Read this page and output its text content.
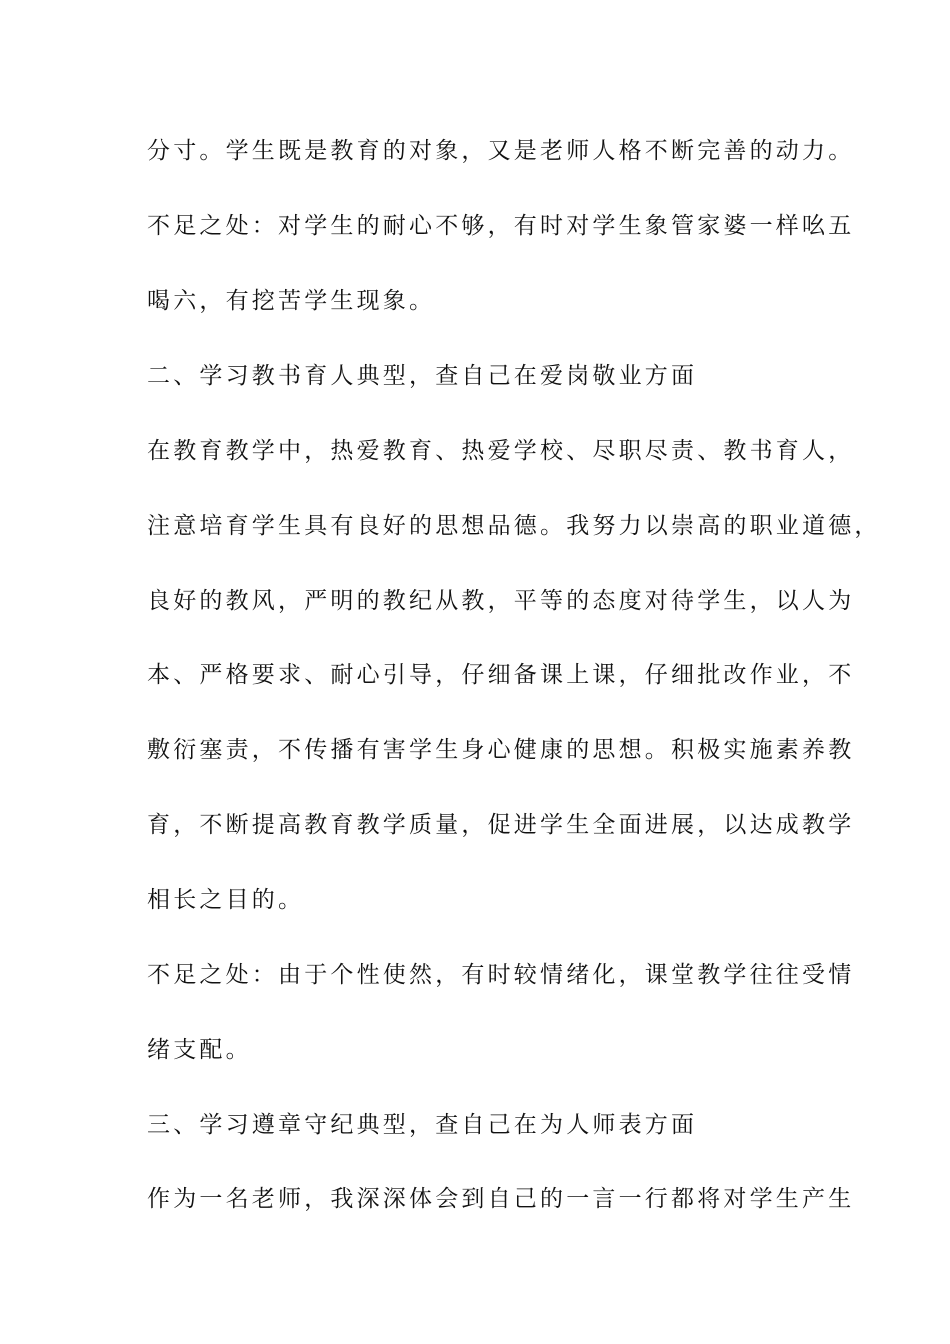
分寸。学生既是教育的对象，又是老师人格不断完善的动力。
不足之处：对学生的耐心不够，有时对学生象管家婆一样吆五
喝六，有挖苦学生现象。
二、学习教书育人典型，查自己在爱岗敬业方面
在教育教学中，热爱教育、热爱学校、尽职尽责、教书育人，
注意培育学生具有良好的思想品德。我努力以崇高的职业道德，
良好的教风，严明的教纪从教，平等的态度对待学生，以人为
本、严格要求、耐心引导，仔细备课上课，仔细批改作业，不
敷衍塞责，不传播有害学生身心健康的思想。积极实施素养教
育，不断提高教育教学质量，促进学生全面进展，以达成教学
相长之目的。
不足之处：由于个性使然，有时较情绪化，课堂教学往往受情
绪支配。
三、学习遵章守纪典型，查自己在为人师表方面
作为一名老师，我深深体会到自己的一言一行都将对学生产生
